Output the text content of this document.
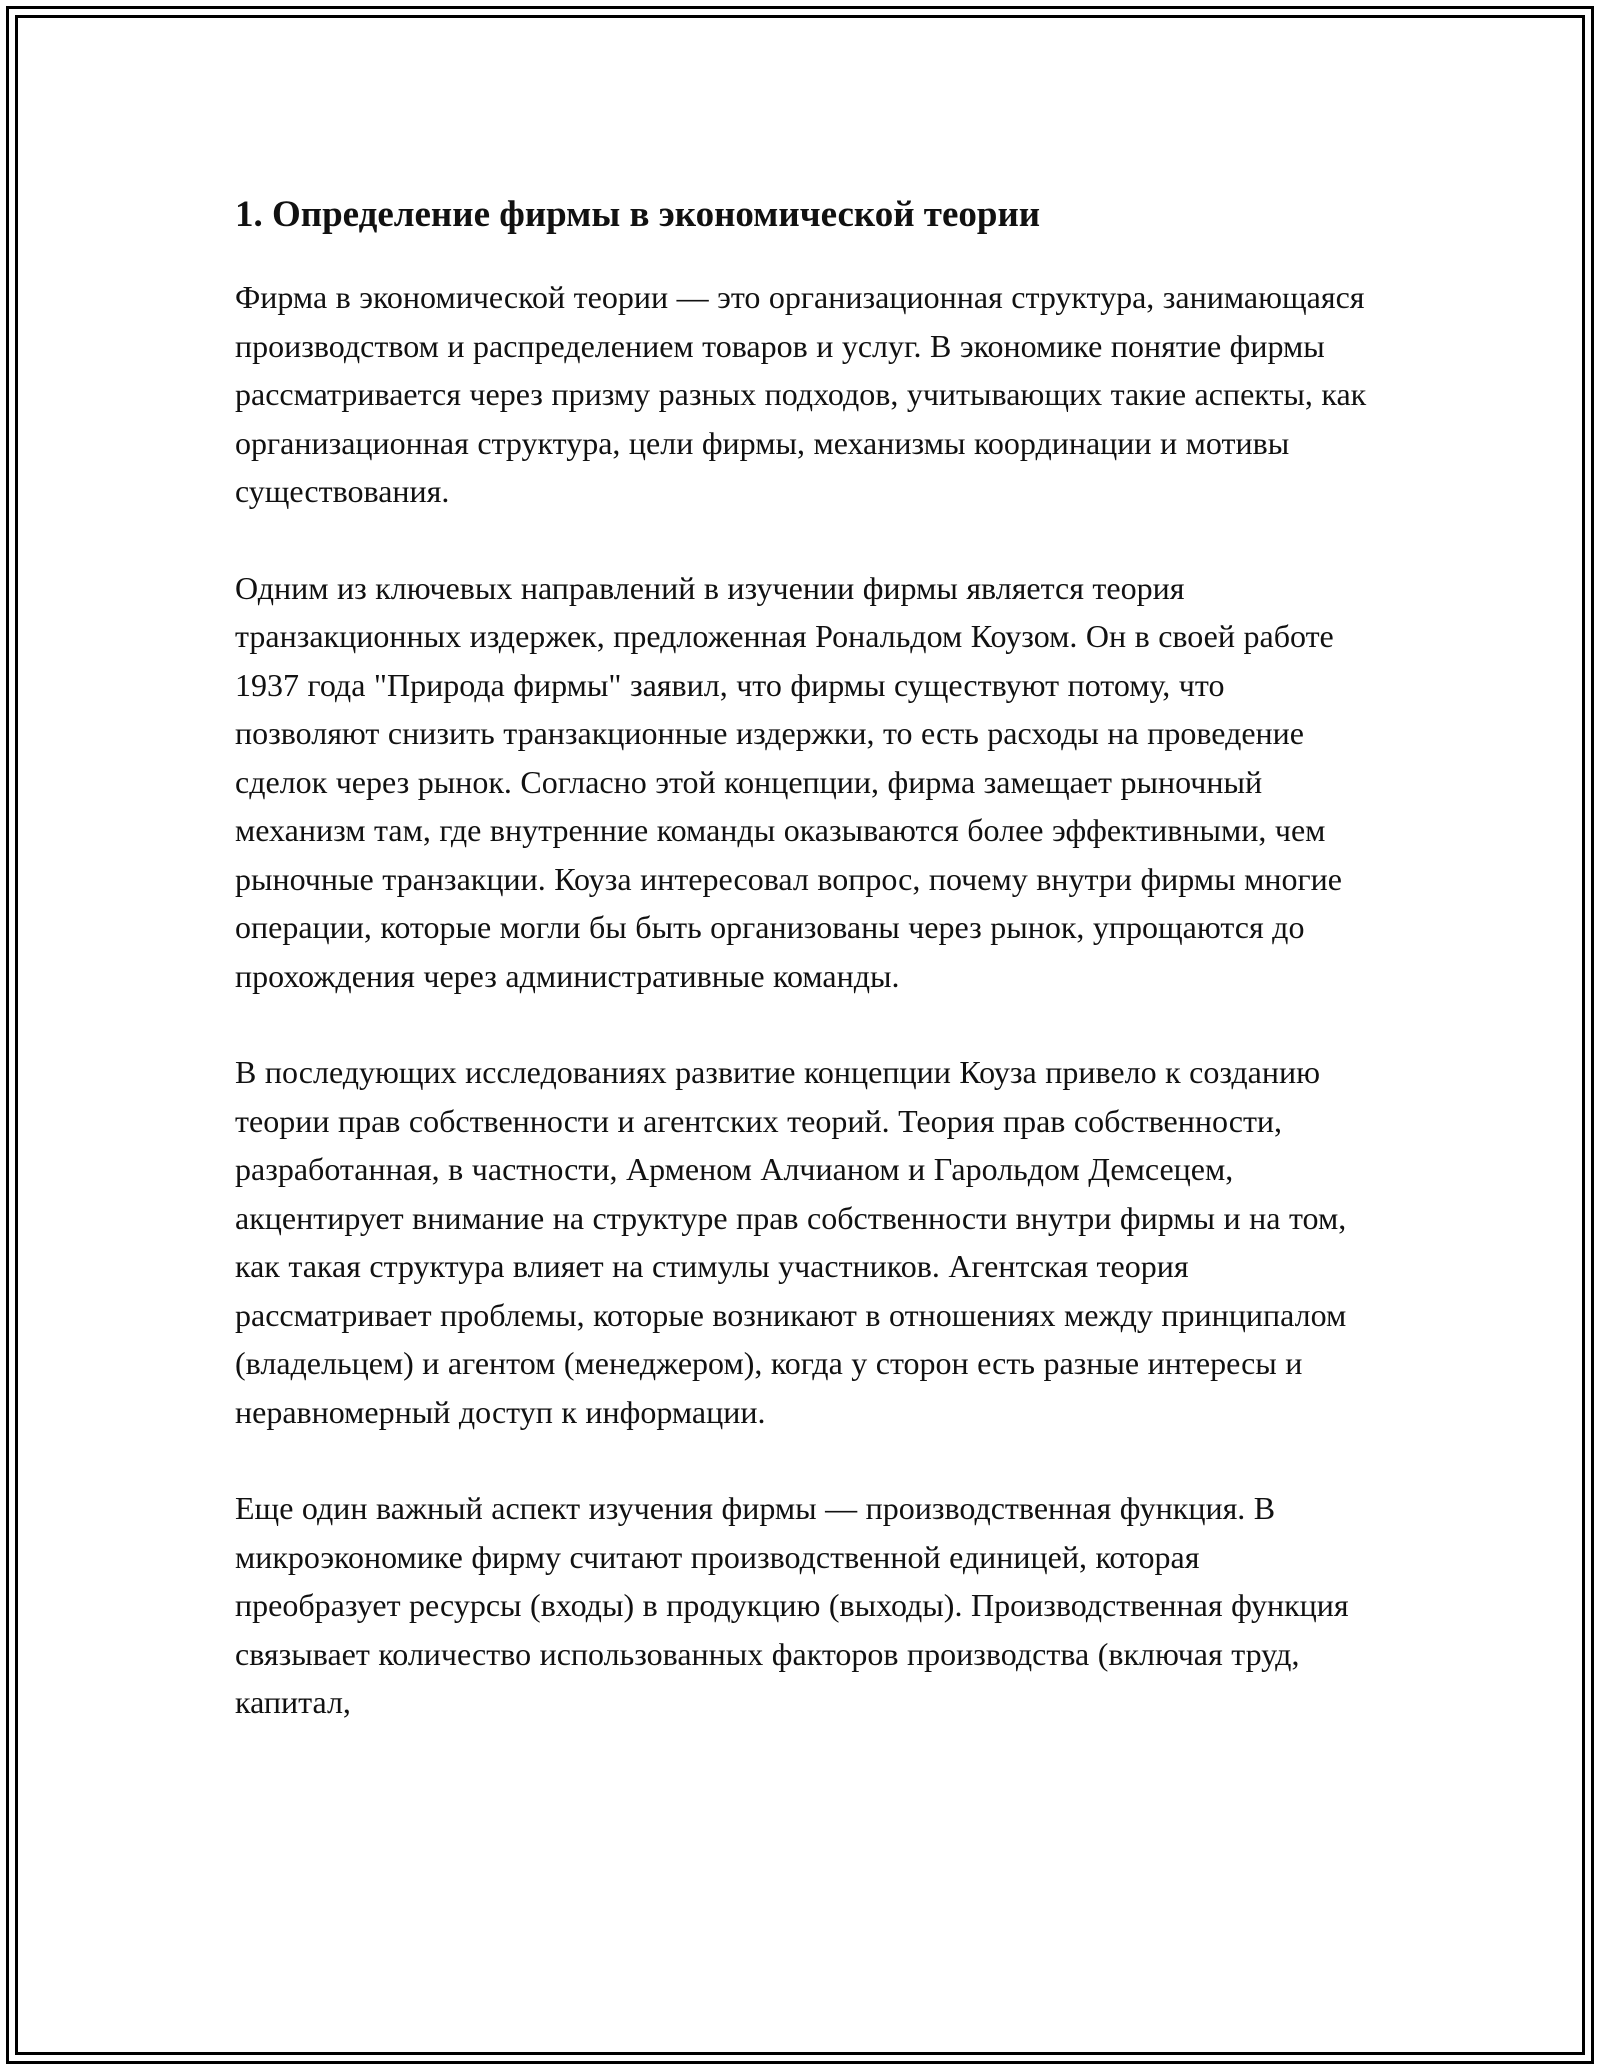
1. Определение фирмы в экономической теории

Фирма в экономической теории — это организационная структура, занимающаяся производством и распределением товаров и услуг. В экономике понятие фирмы рассматривается через призму разных подходов, учитывающих такие аспекты, как организационная структура, цели фирмы, механизмы координации и мотивы существования.

Одним из ключевых направлений в изучении фирмы является теория транзакционных издержек, предложенная Рональдом Коузом. Он в своей работе 1937 года "Природа фирмы" заявил, что фирмы существуют потому, что позволяют снизить транзакционные издержки, то есть расходы на проведение сделок через рынок. Согласно этой концепции, фирма замещает рыночный механизм там, где внутренние команды оказываются более эффективными, чем рыночные транзакции. Коуза интересовал вопрос, почему внутри фирмы многие операции, которые могли бы быть организованы через рынок, упрощаются до прохождения через административные команды.

В последующих исследованиях развитие концепции Коуза привело к созданию теории прав собственности и агентских теорий. Теория прав собственности, разработанная, в частности, Арменом Алчианом и Гарольдом Демсецем, акцентирует внимание на структуре прав собственности внутри фирмы и на том, как такая структура влияет на стимулы участников. Агентская теория рассматривает проблемы, которые возникают в отношениях между принципалом (владельцем) и агентом (менеджером), когда у сторон есть разные интересы и неравномерный доступ к информации.

Еще один важный аспект изучения фирмы — производственная функция. В микроэкономике фирму считают производственной единицей, которая преобразует ресурсы (входы) в продукцию (выходы). Производственная функция связывает количество использованных факторов производства (включая труд, капитал,
